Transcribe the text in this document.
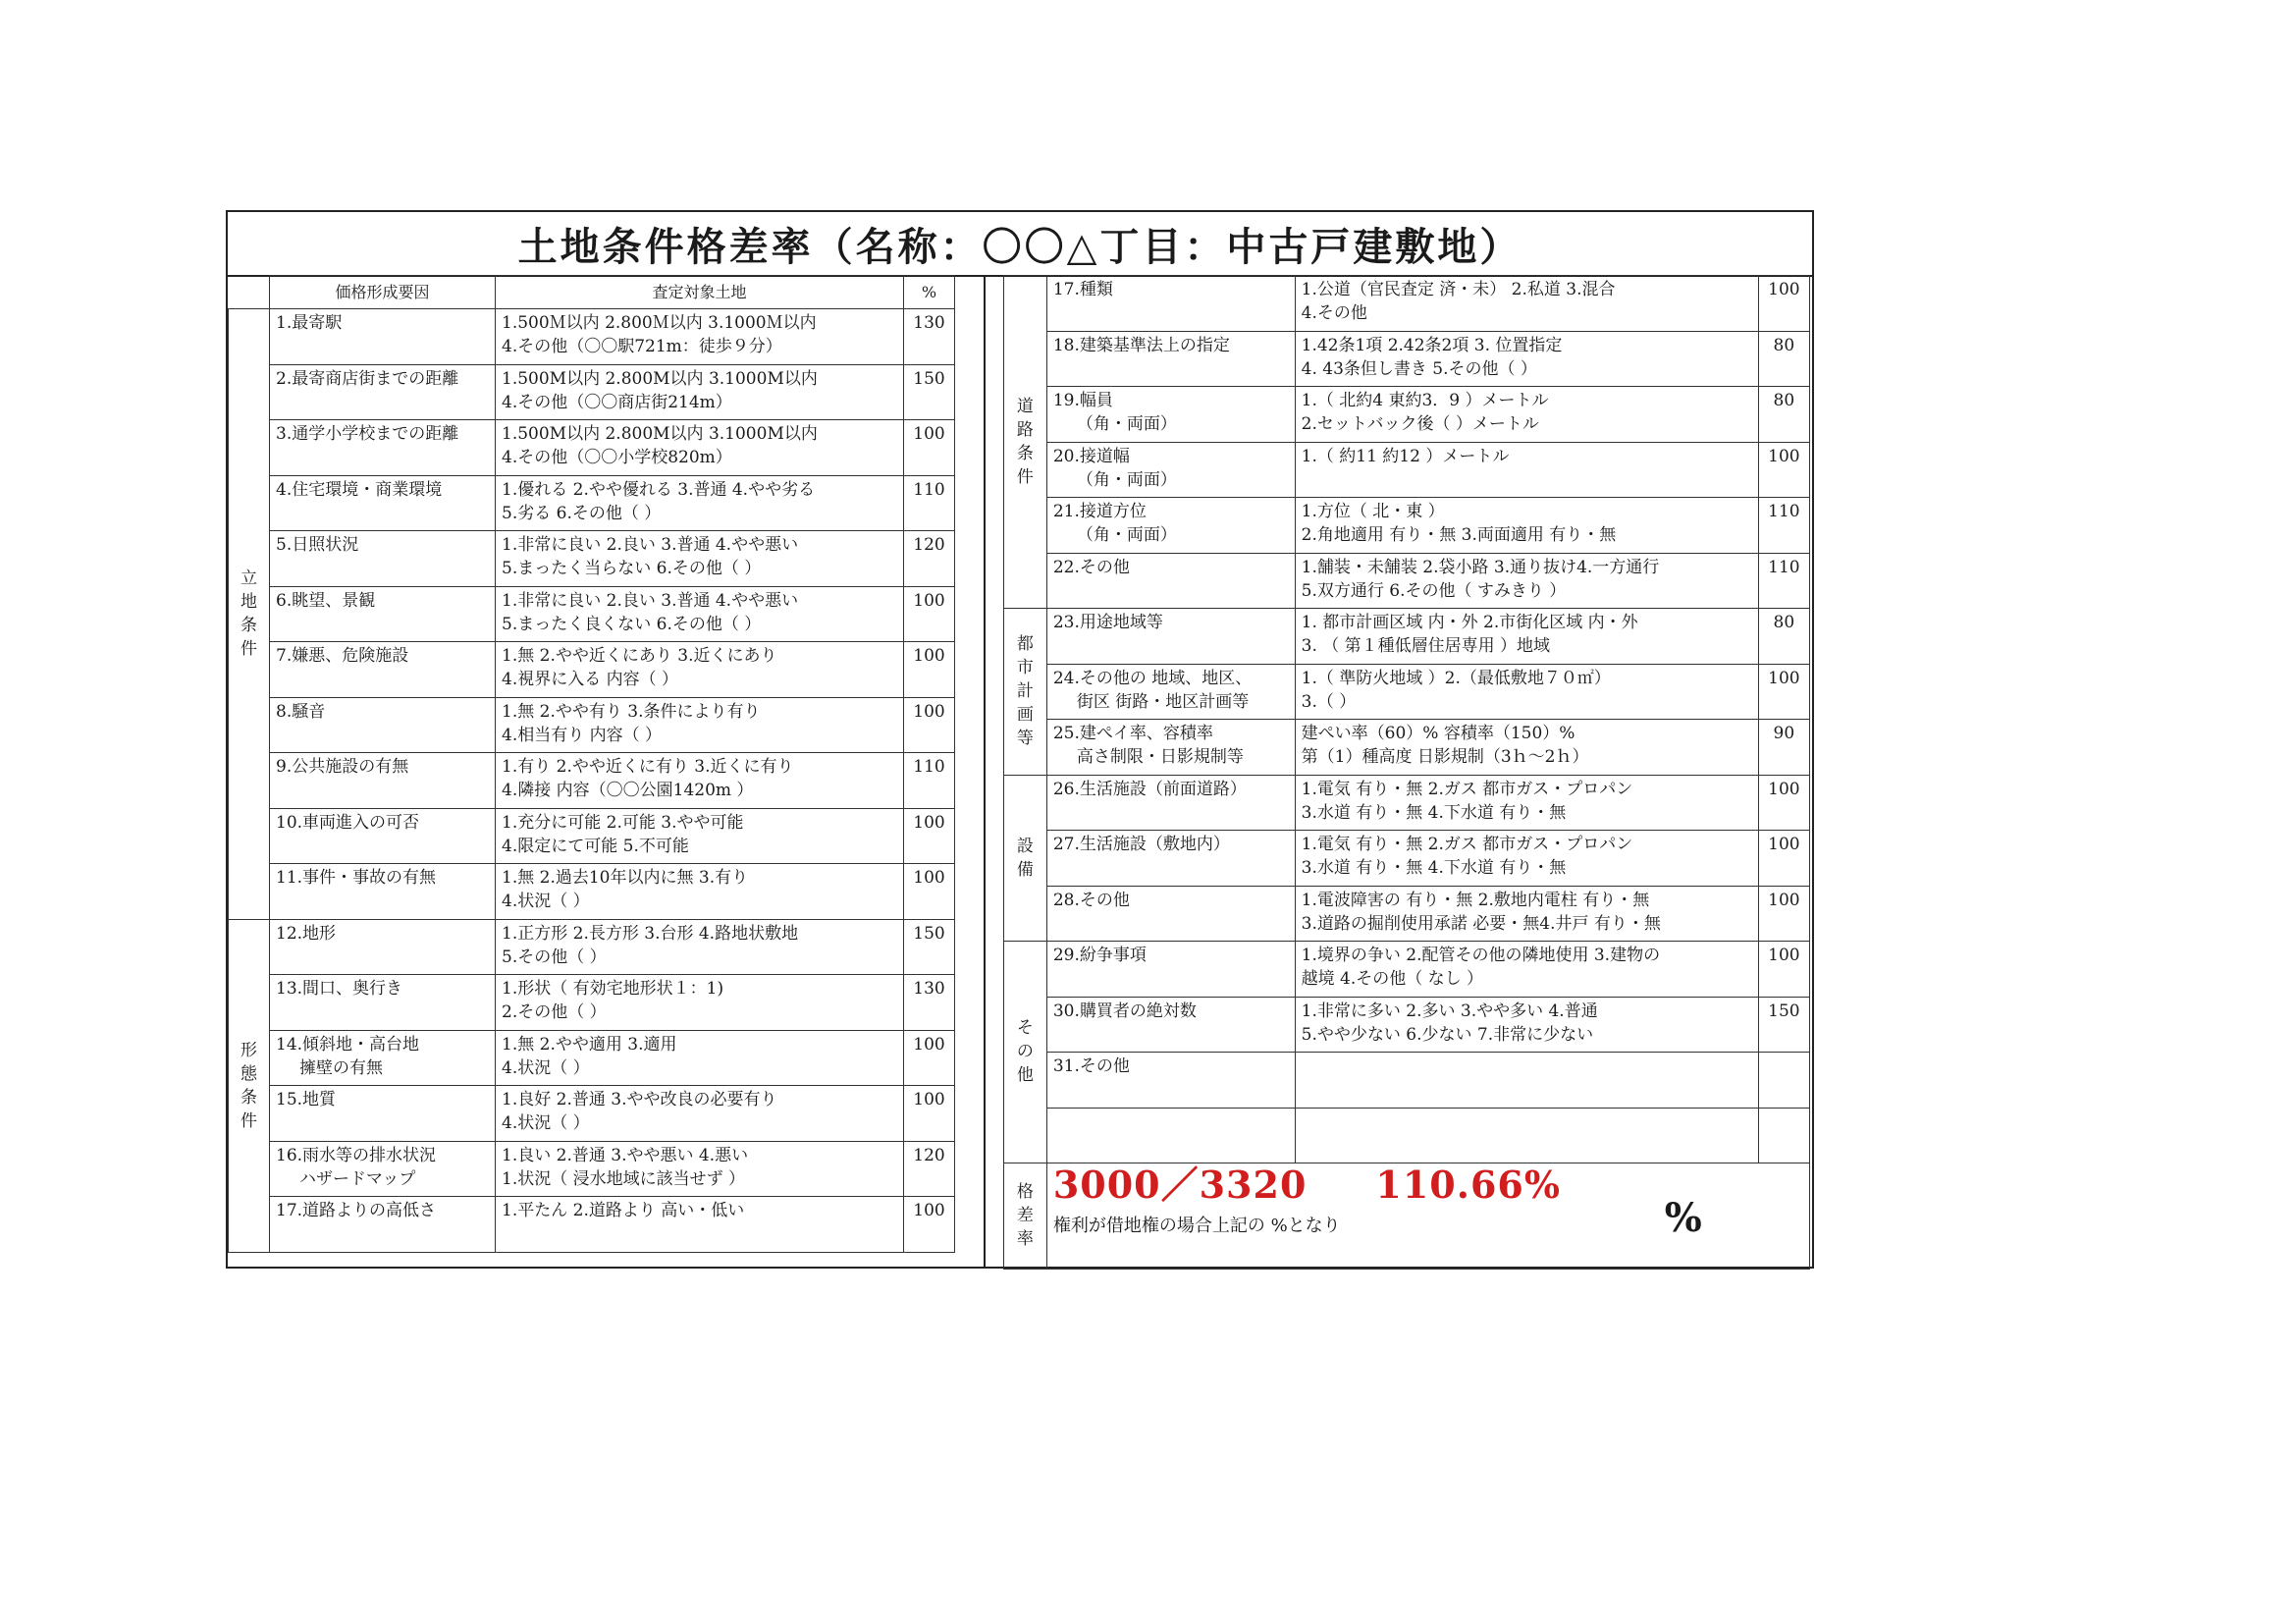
土地条件格差率（名称：〇〇△丁目：中古戸建敷地）
	価格形成要因	査定対象土地	%
立地条件	1.最寄駅	1.500Ｍ以内 2.800Ｍ以内 3.1000Ｍ以内
4.その他（〇〇駅721m：徒歩９分）	130

	2.最寄商店街までの距離	1.500M以内 2.800M以内 3.1000M以内
4.その他（〇〇商店街214m）	150

	3.通学小学校までの距離	1.500M以内 2.800M以内 3.1000M以内
4.その他（〇〇小学校820m）	100

	4.住宅環境・商業環境	1.優れる 2.やや優れる 3.普通 4.やや劣る
5.劣る 6.その他（ ）	110

	5.日照状況	1.非常に良い 2.良い 3.普通 4.やや悪い
5.まったく当らない 6.その他（ ）	120

	6.眺望、景観	1.非常に良い 2.良い 3.普通 4.やや悪い
5.まったく良くない 6.その他（ ）	100

	7.嫌悪、危険施設	1.無 2.やや近くにあり 3.近くにあり
4.視界に入る 内容（ ）	100

	8.騒音	1.無 2.やや有り 3.条件により有り
4.相当有り 内容（ ）	100

	9.公共施設の有無	1.有り 2.やや近くに有り 3.近くに有り
4.隣接 内容（〇〇公園1420m ）	110

	10.車両進入の可否	1.充分に可能 2.可能 3.やや可能
4.限定にて可能 5.不可能	100

	11.事件・事故の有無	1.無 2.過去10年以内に無 3.有り
4.状況（ ）	100
形態条件	12.地形	1.正方形 2.長方形 3.台形 4.路地状敷地
5.その他（ ）	150

	13.間口、奥行き	1.形状（ 有効宅地形状１：1)
2.その他（ ）	130

	14.傾斜地・高台地
擁壁の有無	1.無 2.やや適用 3.適用
4.状況（ ）	100

	15.地質	1.良好 2.普通 3.やや改良の必要有り
4.状況（ ）	100

	16.雨水等の排水状況
ハザードマップ	1.良い 2.普通 3.やや悪い 4.悪い
1.状況（ 浸水地域に該当せず ）	120

	17.道路よりの高低さ	1.平たん 2.道路より 高い・低い	100
道路条件	17.種類	1.公道（官民査定 済・未） 2.私道 3.混合
4.その他	100

	18.建築基準法上の指定	1.42条1項 2.42条2項 3. 位置指定
4. 43条但し書き 5.その他（ ）	80

	19.幅員
（角・両面）	1.（ 北約4 東約3．9 ）メートル
2.セットバック後（ ）メートル	80

	20.接道幅
（角・両面）	1.（ 約11 約12 ）メートル	100

	21.接道方位
（角・両面）	1.方位（ 北・東 ）
2.角地適用 有り・無 3.両面適用 有り・無	110

	22.その他	1.舗装・未舗装 2.袋小路 3.通り抜け4.一方通行
5.双方通行 6.その他（ すみきり ）	110
都市計画等	23.用途地域等	1. 都市計画区域 内・外 2.市街化区域 内・外
3. （ 第１種低層住居専用 ）地域	80

	24.その他の 地域、地区、
街区 街路・地区計画等	1.（ 準防火地域 ）2.（最低敷地７０㎡）
3.（ ）	100

	25.建ぺイ率、容積率
高さ制限・日影規制等	建ぺい率（60）% 容積率（150）%
第（1）種高度 日影規制（3ｈ～2ｈ）	90
設備	26.生活施設（前面道路）	1.電気 有り・無 2.ガス 都市ガス・プロパン
3.水道 有り・無 4.下水道 有り・無	100

	27.生活施設（敷地内）	1.電気 有り・無 2.ガス 都市ガス・プロパン
3.水道 有り・無 4.下水道 有り・無	100

	28.その他	1.電波障害の 有り・無 2.敷地内電柱 有り・無
3.道路の掘削使用承諾 必要・無4.井戸 有り・無	100
その他	29.紛争事項	1.境界の争い 2.配管その他の隣地使用 3.建物の
越境 4.その他（ なし ）	100

	30.購買者の絶対数	1.非常に多い 2.多い 3.やや多い 4.普通
5.やや少ない 6.少ない 7.非常に少ない	150

	31.その他		

格差率	3000／3320 110.66%
権利が借地権の場合上記の %となり %		
